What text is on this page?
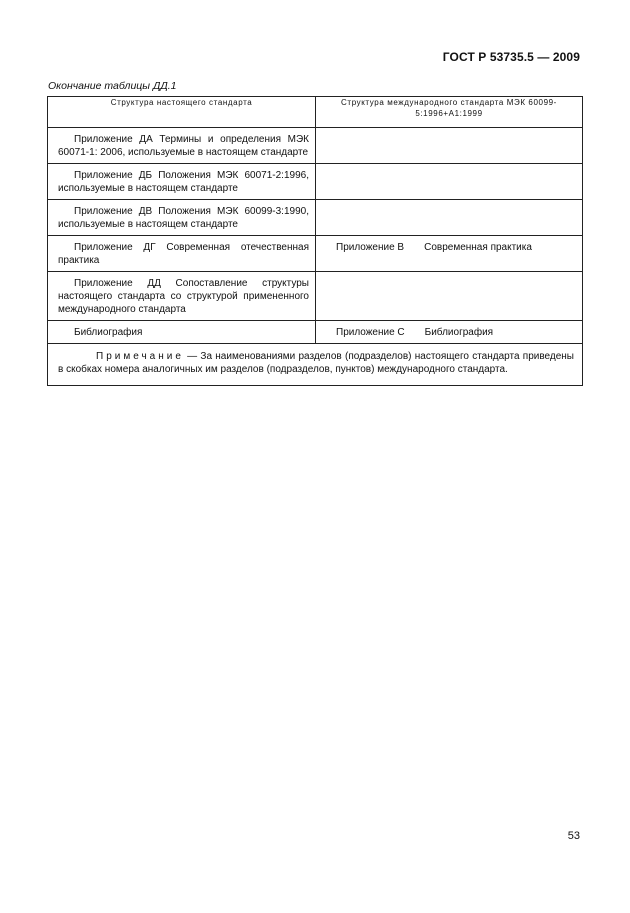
ГОСТ Р 53735.5 — 2009
Окончание таблицы ДД.1
Структура настоящего стандарта	Структура международного стандарта МЭК 60099-5:1996+A1:1999
Приложение ДА Термины и определения МЭК 60071-1: 2006, используемые в настоящем стандарте	
Приложение ДБ Положения МЭК 60071-2:1996, используемые в настоящем стандарте	
Приложение ДВ Положения МЭК 60099-3:1990, используемые в настоящем стандарте	
Приложение ДГ Современная отечественная практика	Приложение В Современная практика
Приложение ДД Сопоставление структуры настоящего стандарта со структурой примененного международного стандарта	
Библиография	Приложение С Библиография
Примечание — За наименованиями разделов (подразделов) настоящего стандарта приведены в скобках номера аналогичных им разделов (подразделов, пунктов) международного стандарта.	
53
